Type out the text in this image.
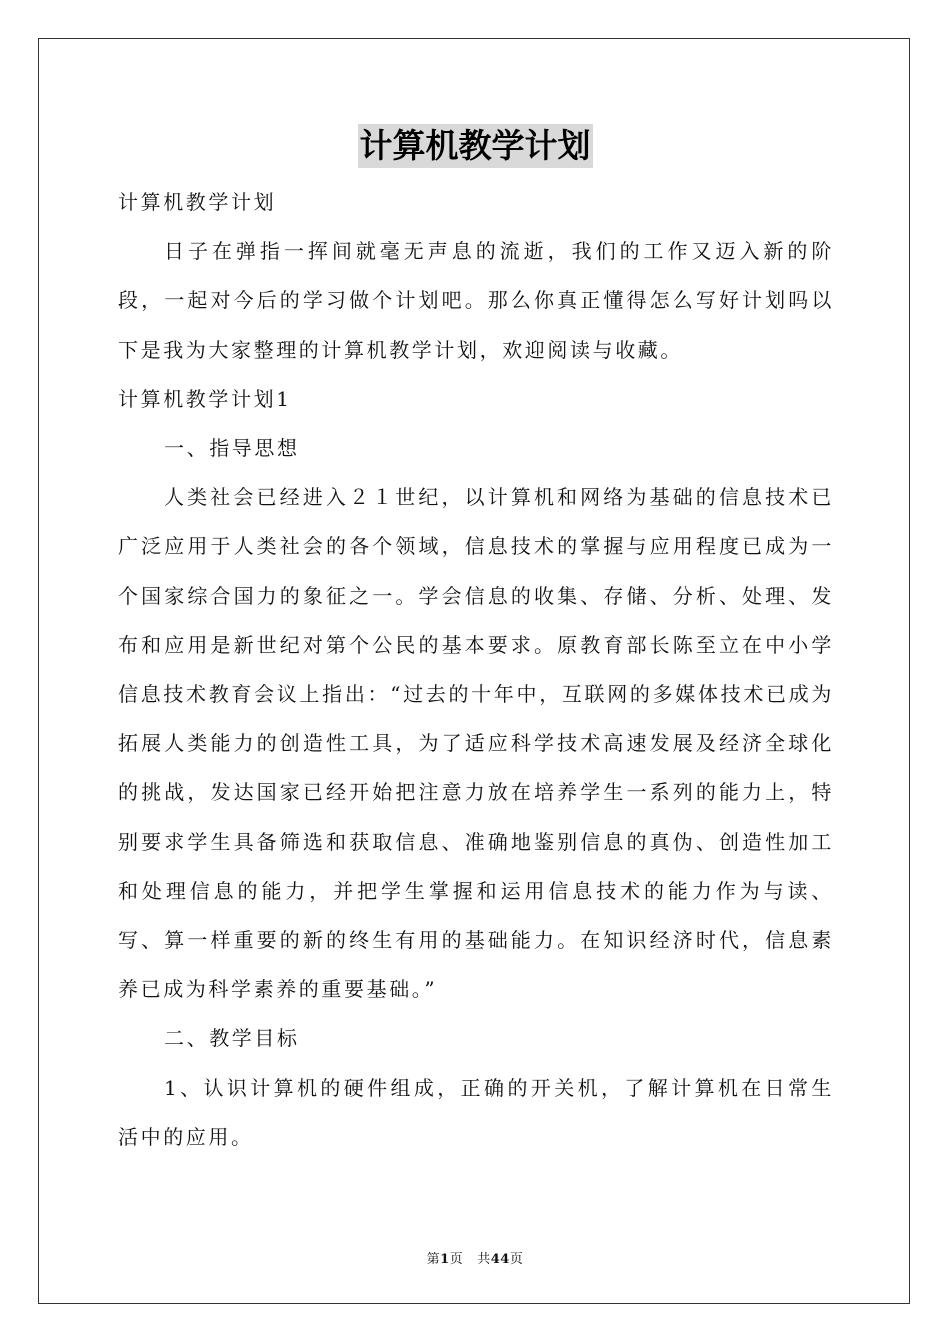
计算机教学计划

计算机教学计划

日子在弹指一挥间就毫无声息的流逝，我们的工作又迈入新的阶段，一起对今后的学习做个计划吧。那么你真正懂得怎么写好计划吗以下是我为大家整理的计算机教学计划，欢迎阅读与收藏。

计算机教学计划1

一、指导思想

人类社会已经进入２１世纪，以计算机和网络为基础的信息技术已广泛应用于人类社会的各个领域，信息技术的掌握与应用程度已成为一个国家综合国力的象征之一。学会信息的收集、存储、分析、处理、发布和应用是新世纪对第个公民的基本要求。原教育部长陈至立在中小学信息技术教育会议上指出：“过去的十年中，互联网的多媒体技术已成为拓展人类能力的创造性工具，为了适应科学技术高速发展及经济全球化的挑战，发达国家已经开始把注意力放在培养学生一系列的能力上，特别要求学生具备筛选和获取信息、准确地鉴别信息的真伪、创造性加工和处理信息的能力，并把学生掌握和运用信息技术的能力作为与读、写、算一样重要的新的终生有用的基础能力。在知识经济时代，信息素养已成为科学素养的重要基础。”

二、教学目标

1、认识计算机的硬件组成，正确的开关机，了解计算机在日常生活中的应用。

第1页 共44页
